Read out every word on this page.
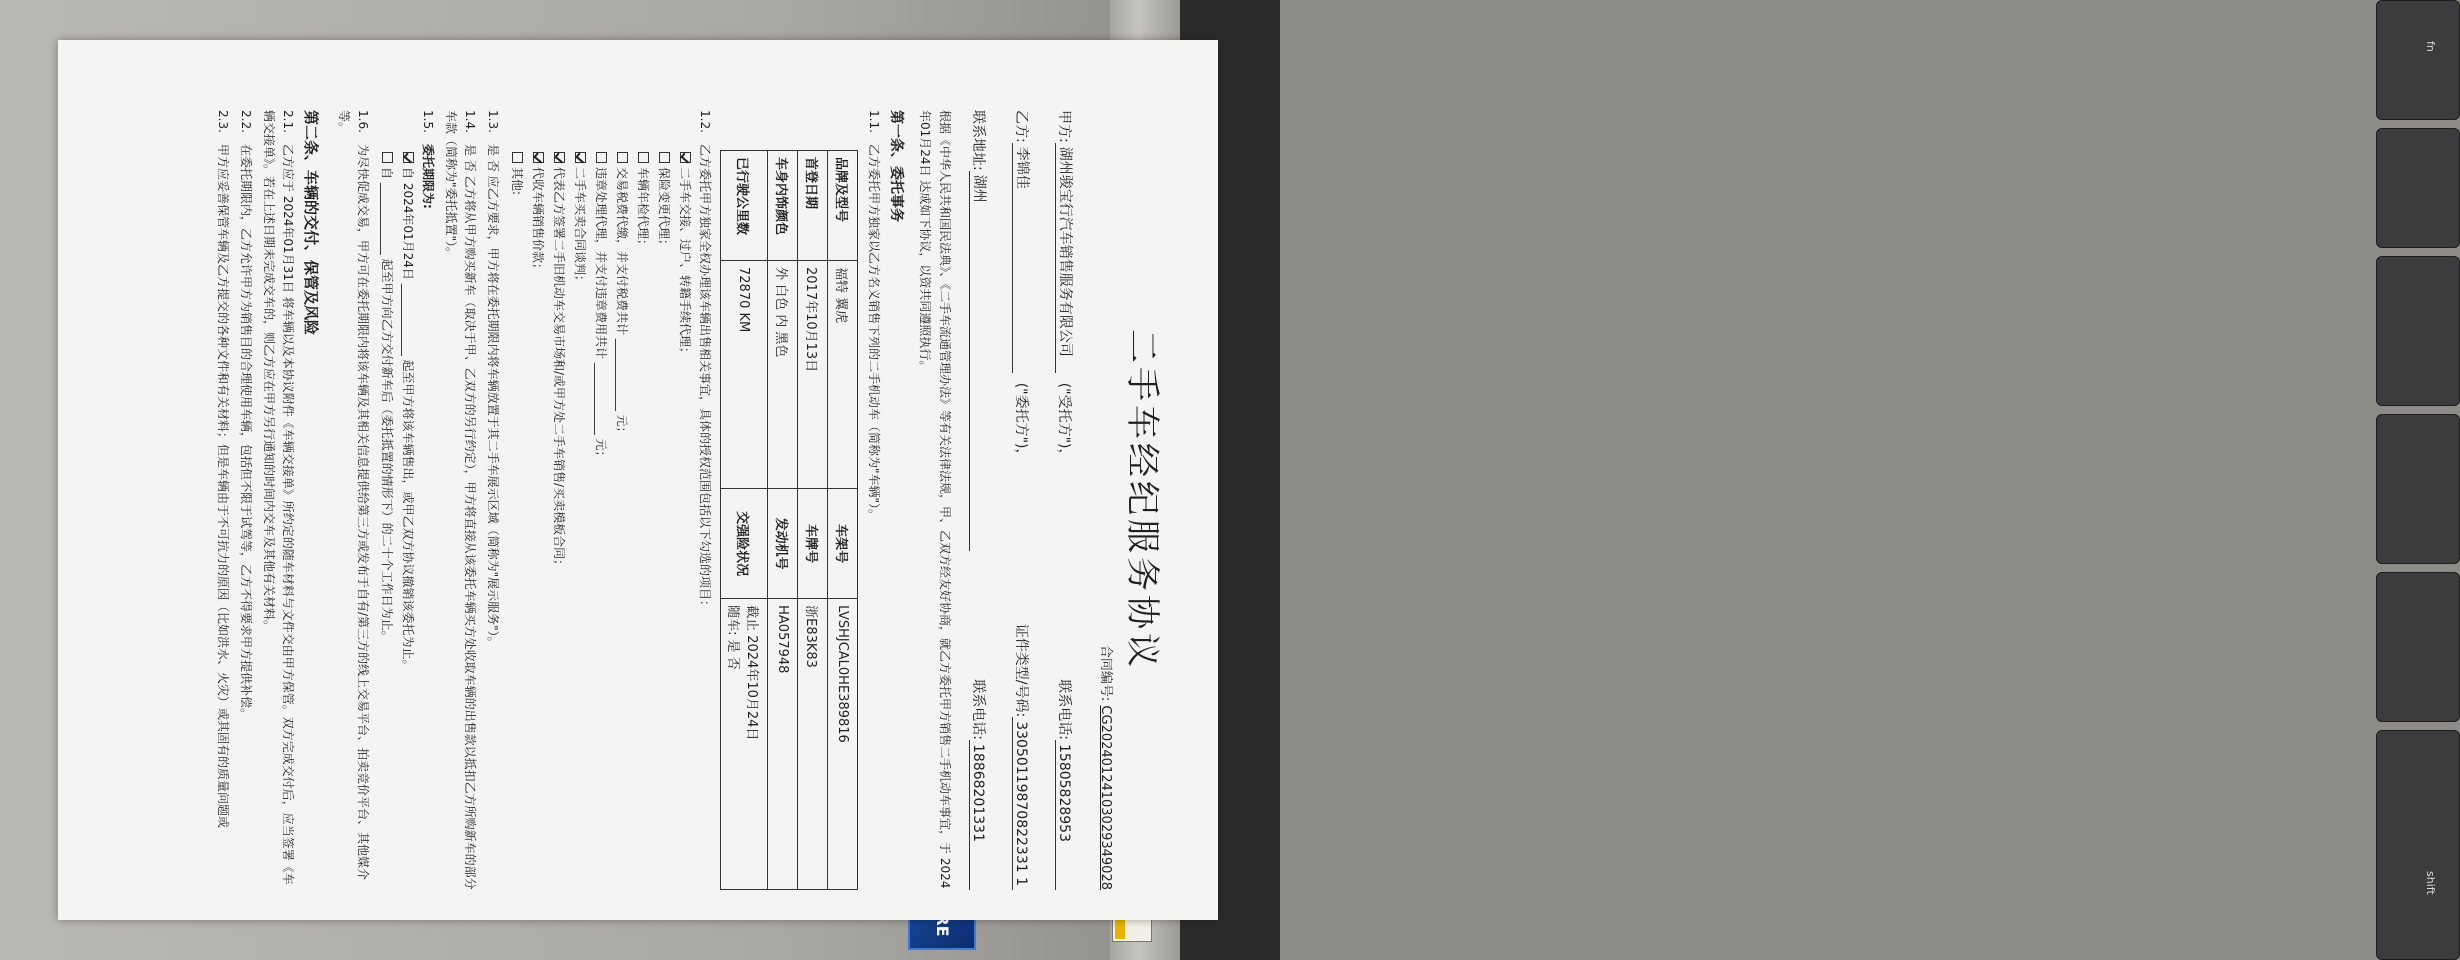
fn
shift
二手车经纪服务协议
合同编号: CG20240124103029349028
甲方:
湖州骏宝行汽车销售服务有限公司
("受托方")，
联系电话:
15805828953
乙方:
李锦佳
("委托方")，
证件类型/号码:
33050119870822331 1
联系地址:
湖州
联系电话:
18868201331
根据《中华人民共和国民法典》、《二手车流通管理办法》等有关法律法规，甲、乙双方经友好协商，就乙方委托甲方销售二手机动车事宜，于 2024年01月24日 达成如下协议，以资共同遵照执行。
第一条、委托事务
1.1.乙方委托甲方独家以乙方名义销售下列的二手机动车（简称为"车辆"）。
品牌及型号	福特 翼虎	车架号	LVSHJCAL0HE389816
首登日期	2017年10月13日	车牌号	浙E83K83
车身内饰颜色	外 白色 内 黑色	发动机号	HA057948
已行驶公里数	72870 KM	交强险状况	截止 2024年10月24日
随车: 是 否
1.2.乙方委托甲方独家全权办理该车辆出售相关事宜，具体的授权范围包括以下勾选的项目：
二手车交接、过户、转籍手续代理；
保险变更代理；
车辆年检代理；
交易税费代缴，并支付税费共计 ____________ 元；
违章处理代理，并支付违章费用共计 ____________ 元；
二手车买卖合同谈判；
代表乙方签署二手旧机动车交易市场和/或甲方处二手车销售/买卖模板合同；
代收车辆销售价款；
其他:
1.3.是 否 应乙方要求，甲方将在委托期限内将车辆放置于其二手车展示区域（简称为"展示服务"）。
1.4.是 否 乙方将从甲方购买新车（取决于甲、乙双方的另行约定），甲方将直接从该委托车辆买方处收取车辆的出售款以抵扣乙方所购新车的部分车款（简称为"委托抵置"）。
1.5.委托期限为:
自 2024年01月24日 ____________ 起至甲方将该车辆售出，或甲乙双方协议撤销该委托为止。
自 ____________ 起至甲方向乙方交付新车后（委托抵置的情形下）的二十个工作日为止。
1.6.为尽快促成交易，甲方可在委托期限内将该车辆及其相关信息提供给第三方或发布于自有/第三方的线上交易平台、拍卖竞价平台、其他媒介等。
第二条、车辆的交付、保管及风险
2.1.乙方应于 2024年01月31日 将车辆以及本协议附件《车辆交接单》所约定的随车材料与文件交由甲方保管。双方完成交付后，应当签署《车辆交接单》。若在上述日期未完成交车的，则乙方应在甲方另行通知的时间内交车及其他有关材料。
2.2.在委托期限内，乙方允许甲方为销售目的合理使用车辆，包括但不限于试驾等，乙方不得要求甲方提供补偿。
2.3.甲方应妥善保管车辆及乙方提交的各种文件和有关材料；但是车辆由于不可抗力的原因（比如洪水、火灾）或其固有的质量问题或
